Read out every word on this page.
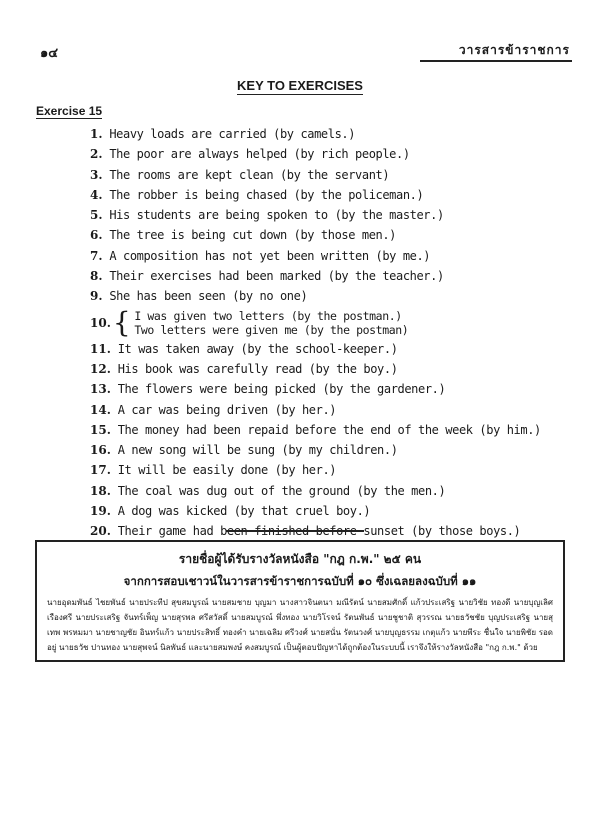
๑๔	วารสารข้าราชการ
KEY TO EXERCISES
Exercise 15
1. Heavy loads are carried (by camels.)
2. The poor are always helped (by rich people.)
3. The rooms are kept clean (by the servant)
4. The robber is being chased (by the policeman.)
5. His students are being spoken to (by the master.)
6. The tree is being cut down (by those men.)
7. A composition has not yet been written (by me.)
8. Their exercises had been marked (by the teacher.)
9. She has been seen (by no one)
10. { I was given two letters (by the postman.)
Two letters were given me (by the postman)
11. It was taken away (by the school-keeper.)
12. His book was carefully read (by the boy.)
13. The flowers were being picked (by the gardener.)
14. A car was being driven (by her.)
15. The money had been repaid before the end of the week (by him.)
16. A new song will be sung (by my children.)
17. It will be easily done (by her.)
18. The coal was dug out of the ground (by the men.)
19. A dog was kicked (by that cruel boy.)
20. Their game had been finished before sunset (by those boys.)
รายชื่อผู้ได้รับรางวัลหนังสือ "กฎ ก.พ." ๒๕ คน
จากการสอบเชาวน์ในวารสารข้าราชการฉบับที่ ๑๐ ซึ่งเฉลยลงฉบับที่ ๑๑
นายอุดมพันธ์ ไชยพันธ์ นายประทีป สุขสมบูรณ์ นายสมชาย บุญมา นางสาวจินตนา มณีรัตน์ นายสมศักดิ์ แก้วประเสริฐ นายวิชัย ทองดี นายบุญเลิศ เรืองศรี นายประเสริฐ จันทร์เพ็ญ นายสุรพล ศรีสวัสดิ์ นายสมบูรณ์ พึ่งทอง นายวิโรจน์ รัตนพันธ์ นายชูชาติ สุวรรณ นายธวัชชัย บุญประเสริฐ นายสุเทพ พรหมมา นายชาญชัย อินทร์แก้ว นายประสิทธิ์ ทองคำ นายเฉลิม ศรีวงศ์ นายสนั่น รัตนวงศ์ นายบุญธรรม เกตุแก้ว นายพีระ ชื่นใจ นายพิชัย รอดอยู่ นายธวัช ปานทอง นายสุพจน์ นิลพันธ์ และนายสมพงษ์ คงสมบูรณ์ เป็นผู้ตอบปัญหาได้ถูกต้องในระบบนี้ เราจึงให้รางวัลหนังสือ "กฎ ก.พ." ด้วย
